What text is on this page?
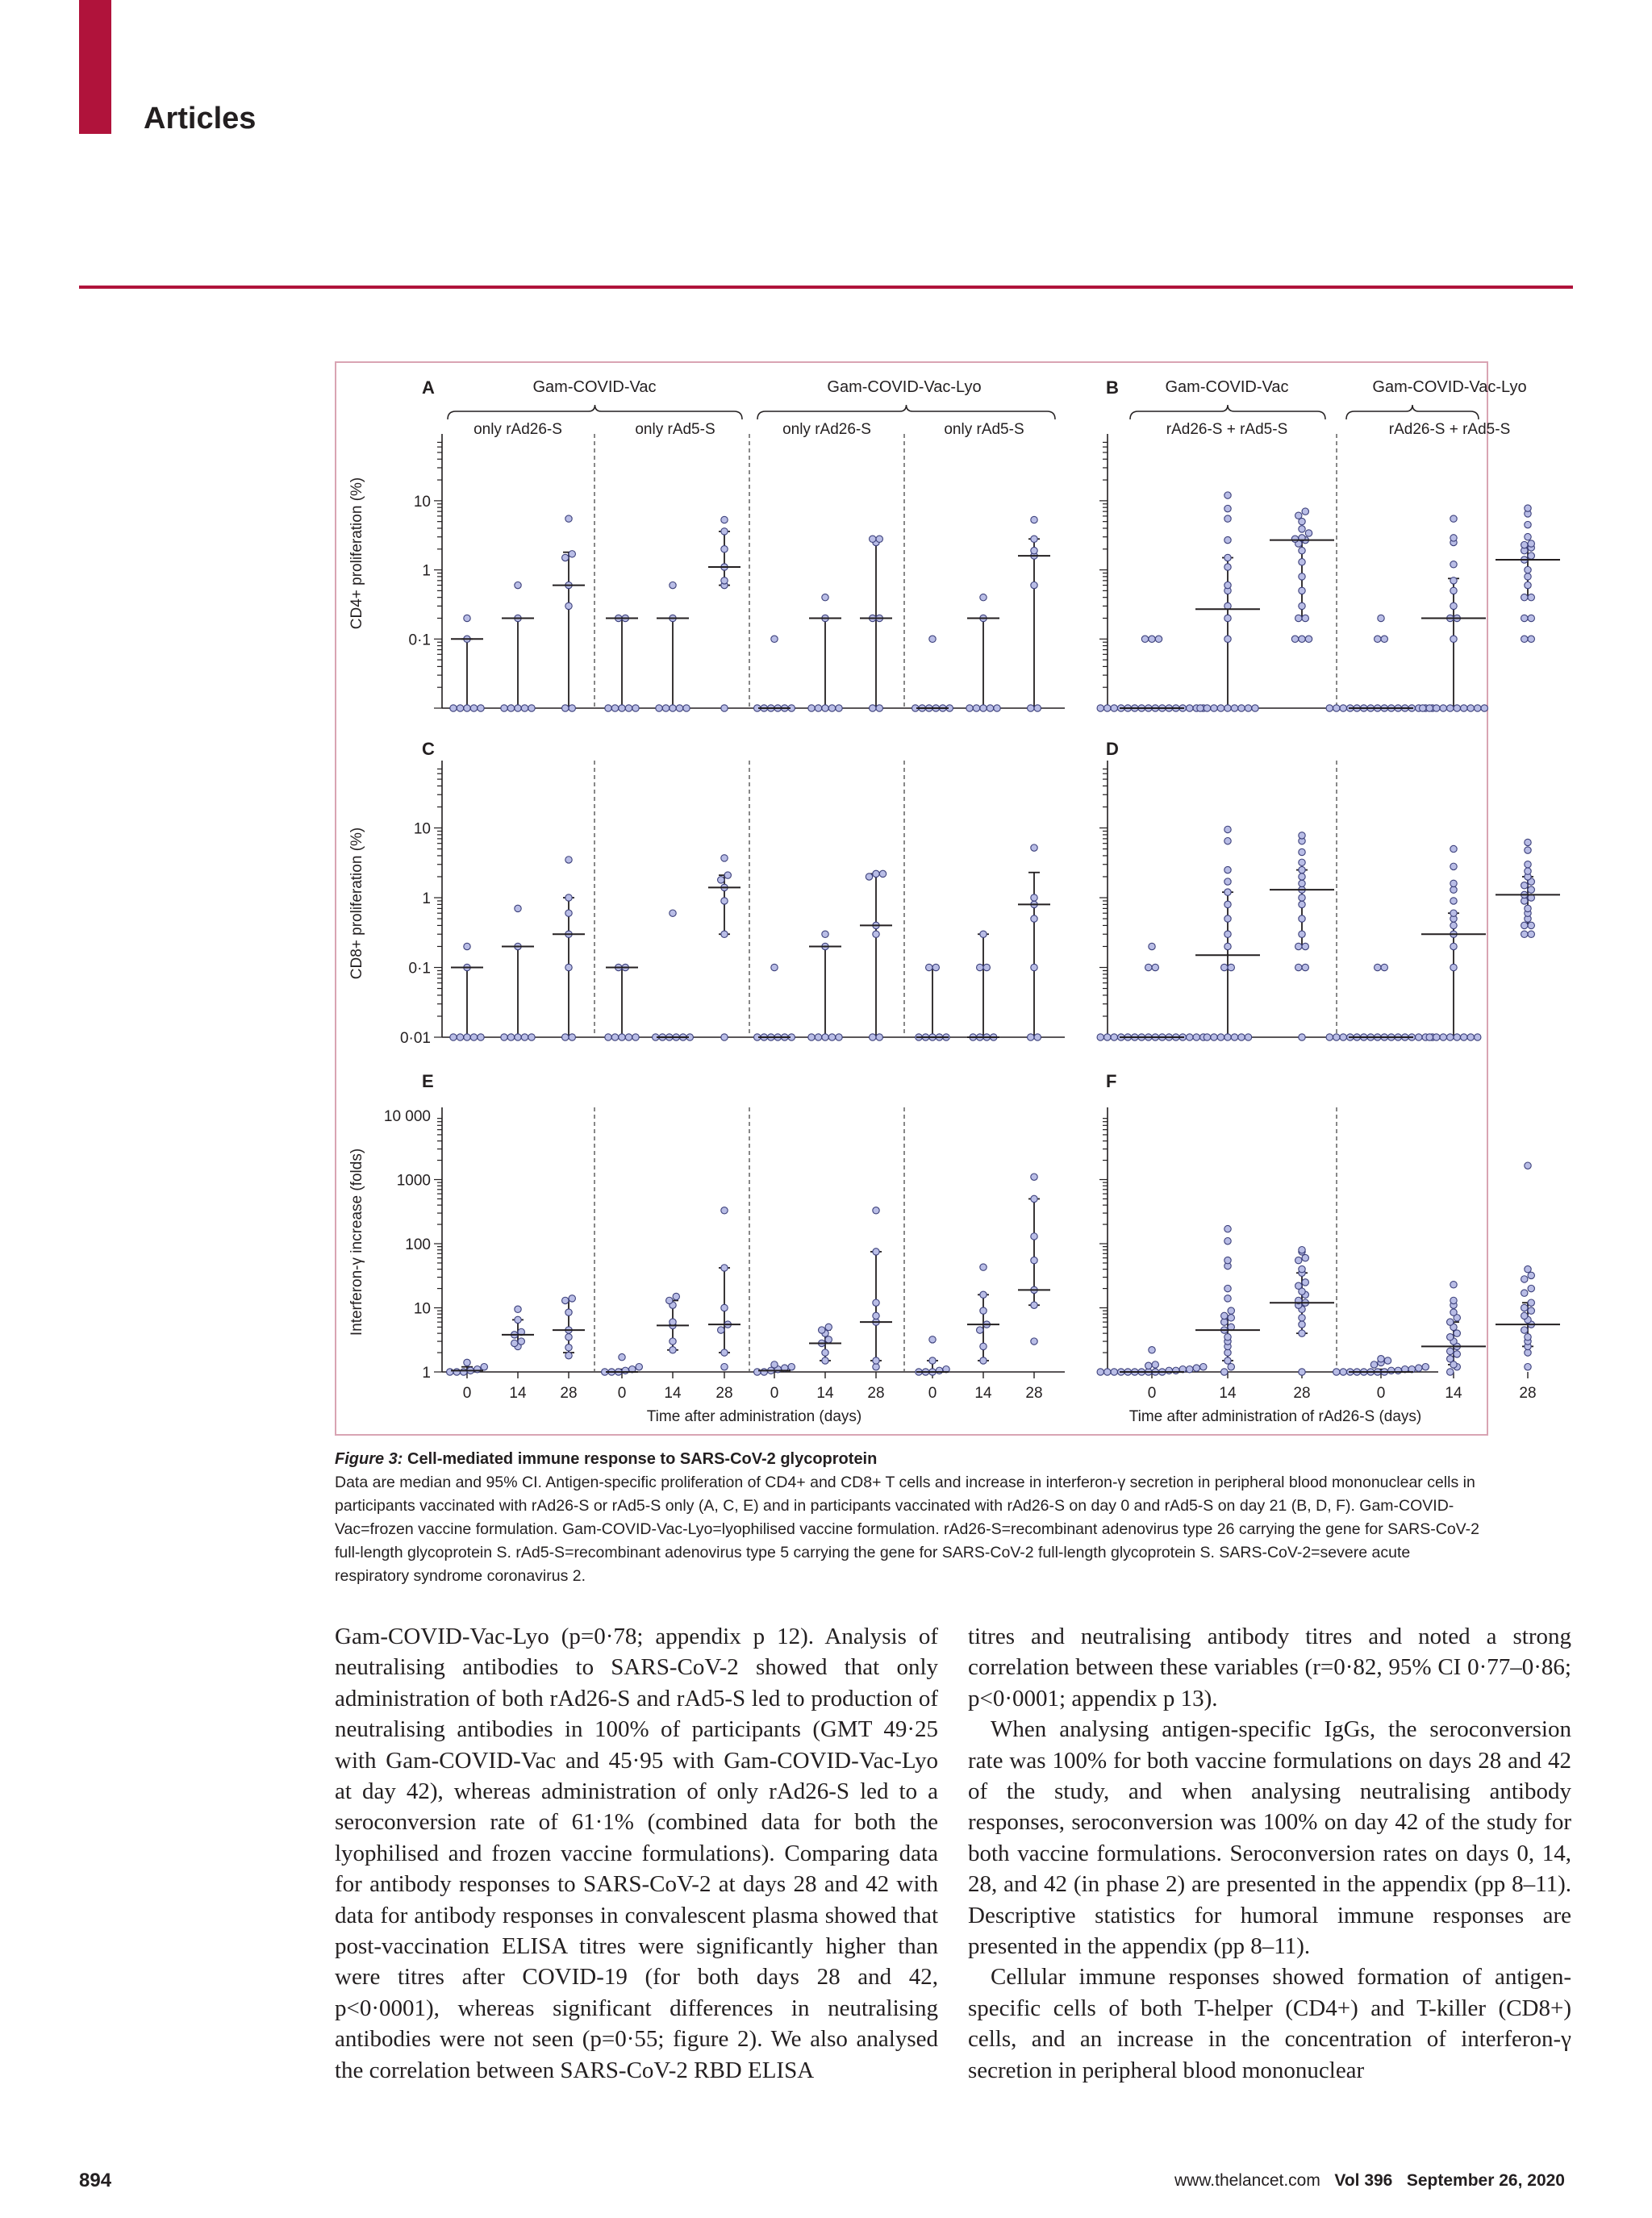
Articles
A	B
C	D
E	F
Gam-COVID-Vac	Gam-COVID-Vac-Lyo
only rAd26-S	only rAd5-S	only rAd26-S	only rAd5-S
Gam-COVID-Vac	Gam-COVID-Vac-Lyo
rAd26-S + rAd5-S	rAd26-S + rAd5-S
CD4+ proliferation (%)
CD8+ proliferation (%)
Interferon-γ increase (folds)
0·1
1
10
0·01
0·1
1
10
1
10
100
1000
10 000
0 14 28	0 14 28 0 14 28	0 14 28	0	14	28	0	14	28
Time after administration (days)	Time after administration of rAd26-S (days)
Figure 3: Cell-mediated immune response to SARS-CoV-2 glycoprotein
Data are median and 95% CI. Antigen-specific proliferation of CD4+ and CD8+ T cells and increase in interferon-γ secretion in peripheral blood mononuclear cells in participants vaccinated with rAd26-S or rAd5-S only (A, C, E) and in participants vaccinated with rAd26-S on day 0 and rAd5-S on day 21 (B, D, F). Gam-COVID-Vac=frozen vaccine formulation. Gam-COVID-Vac-Lyo=lyophilised vaccine formulation. rAd26-S=recombinant adenovirus type 26 carrying the gene for SARS-CoV-2 full-length glycoprotein S. rAd5-S=recombinant adenovirus type 5 carrying the gene for SARS-CoV-2 full-length glycoprotein S. SARS-CoV-2=severe acute respiratory syndrome coronavirus 2.

Gam-COVID-Vac-Lyo (p=0·78; appendix p 12). Analysis of neutralising antibodies to SARS-CoV-2 showed that only administration of both rAd26-S and rAd5-S led to production of neutralising antibodies in 100% of participants (GMT 49·25 with Gam-COVID-Vac and 45·95 with Gam-COVID-Vac-Lyo at day 42), whereas administration of only rAd26-S led to a seroconversion rate of 61·1% (combined data for both the lyophilised and frozen vaccine formulations). Comparing data for antibody responses to SARS-CoV-2 at days 28 and 42 with data for antibody responses in convalescent plasma showed that post-vaccination ELISA titres were significantly higher than were titres after COVID-19 (for both days 28 and 42, p<0·0001), whereas significant differences in neutralising antibodies were not seen (p=0·55; figure 2). We also analysed the correlation between SARS-CoV-2 RBD ELISA

titres and neutralising antibody titres and noted a strong correlation between these variables (r=0·82, 95% CI 0·77–0·86; p<0·0001; appendix p 13).

When analysing antigen-specific IgGs, the seroconversion rate was 100% for both vaccine formulations on days 28 and 42 of the study, and when analysing neutralising antibody responses, seroconversion was 100% on day 42 of the study for both vaccine formulations. Seroconversion rates on days 0, 14, 28, and 42 (in phase 2) are presented in the appendix (pp 8–11). Descriptive statistics for humoral immune responses are presented in the appendix (pp 8–11).

Cellular immune responses showed formation of antigen-specific cells of both T-helper (CD4+) and T-killer (CD8+) cells, and an increase in the concentration of interferon-γ secretion in peripheral blood mononuclear

894	www.thelancet.com Vol 396 September 26, 2020
